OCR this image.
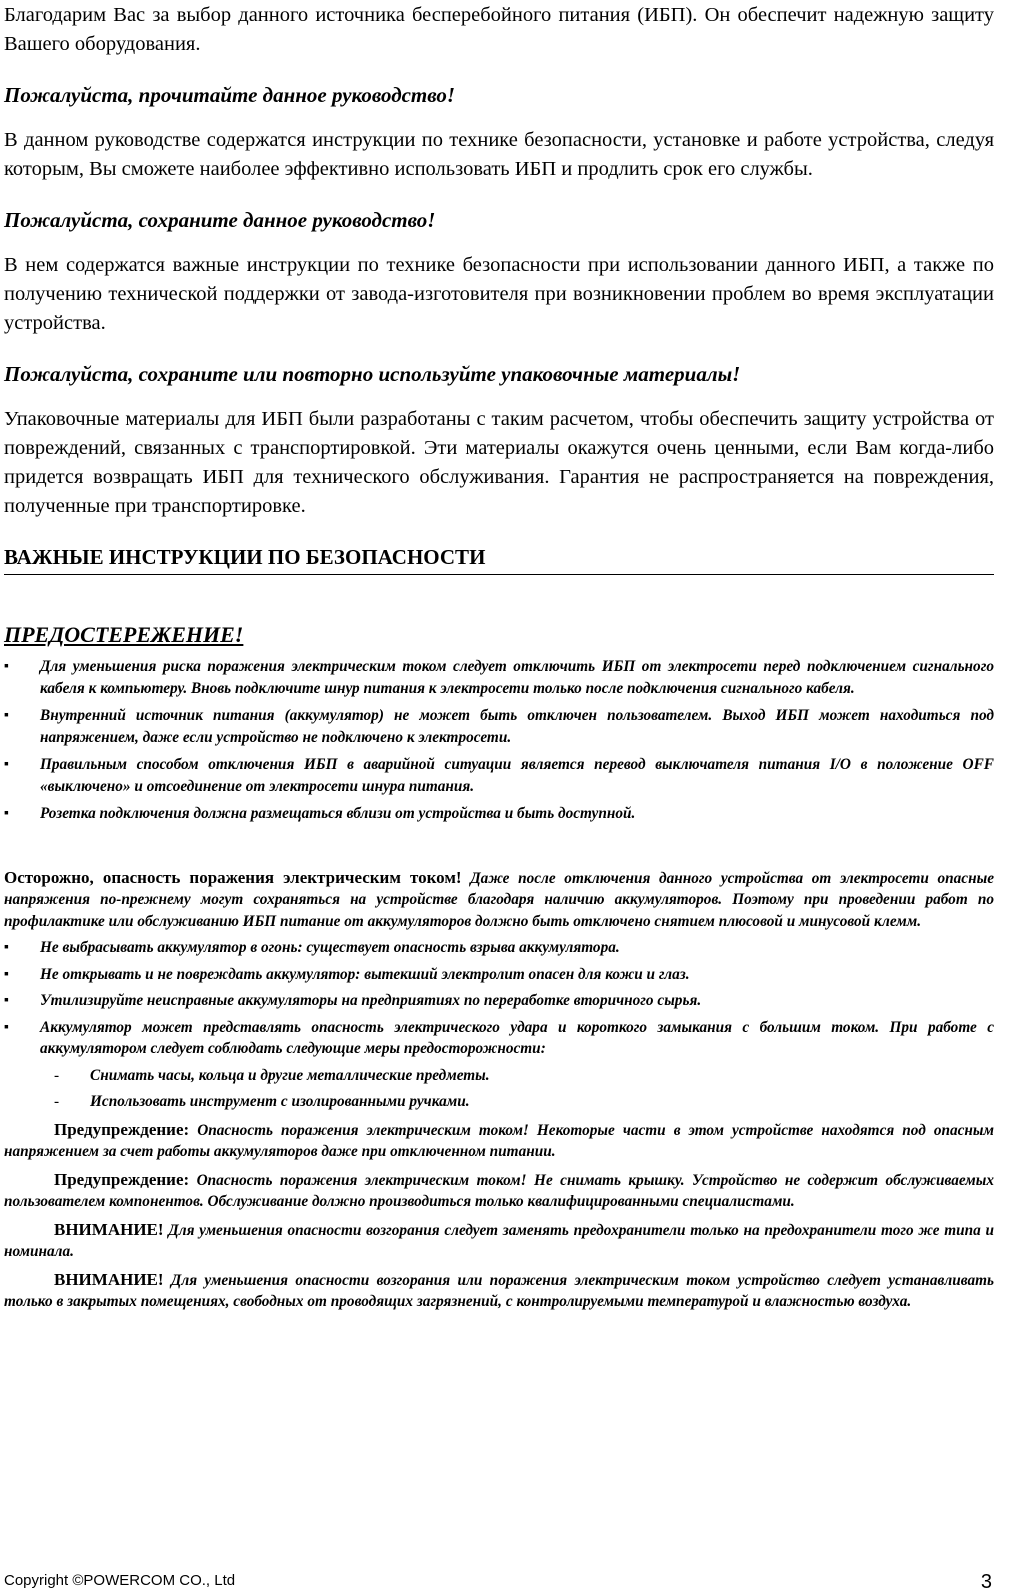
Благодарим Вас за выбор данного источника бесперебойного питания (ИБП). Он обеспечит надежную защиту Вашего оборудования.

Пожалуйста, прочитайте данное руководство!

В данном руководстве содержатся инструкции по технике безопасности, установке и работе устройства, следуя которым, Вы сможете наиболее эффективно использовать ИБП и продлить срок его службы.

Пожалуйста, сохраните данное руководство!

В нем содержатся важные инструкции по технике безопасности при использовании данного ИБП, а также по получению технической поддержки от завода-изготовителя при возникновении проблем во время эксплуатации устройства.

Пожалуйста, сохраните или повторно используйте упаковочные материалы!

Упаковочные материалы для ИБП были разработаны с таким расчетом, чтобы обеспечить защиту устройства от повреждений, связанных с транспортировкой. Эти материалы окажутся очень ценными, если Вам когда-либо придется возвращать ИБП для технического обслуживания. Гарантия не распространяется на повреждения, полученные при транспортировке.

ВАЖНЫЕ ИНСТРУКЦИИ ПО БЕЗОПАСНОСТИ

ПРЕДОСТЕРЕЖЕНИЕ!

▪ Для уменьшения риска поражения электрическим током следует отключить ИБП от электросети перед подключением сигнального кабеля к компьютеру. Вновь подключите шнур питания к электросети только после подключения сигнального кабеля.
▪ Внутренний источник питания (аккумулятор) не может быть отключен пользователем. Выход ИБП может находиться под напряжением, даже если устройство не подключено к электросети.
▪ Правильным способом отключения ИБП в аварийной ситуации является перевод выключателя питания I/O в положение OFF «выключено» и отсоединение от электросети шнура питания.
▪ Розетка подключения должна размещаться вблизи от устройства и быть доступной.

Осторожно, опасность поражения электрическим током! Даже после отключения данного устройства от электросети опасные напряжения по-прежнему могут сохраняться на устройстве благодаря наличию аккумуляторов. Поэтому при проведении работ по профилактике или обслуживанию ИБП питание от аккумуляторов должно быть отключено снятием плюсовой и минусовой клемм.

▪ Не выбрасывать аккумулятор в огонь: существует опасность взрыва аккумулятора.
▪ Не открывать и не повреждать аккумулятор: вытекший электролит опасен для кожи и глаз.
▪ Утилизируйте неисправные аккумуляторы на предприятиях по переработке вторичного сырья.
▪ Аккумулятор может представлять опасность электрического удара и короткого замыкания с большим током. При работе с аккумулятором следует соблюдать следующие меры предосторожности:
- Снимать часы, кольца и другие металлические предметы.
- Использовать инструмент с изолированными ручками.

Предупреждение: Опасность поражения электрическим током! Некоторые части в этом устройстве находятся под опасным напряжением за счет работы аккумуляторов даже при отключенном питании.

Предупреждение: Опасность поражения электрическим током! Не снимать крышку. Устройство не содержит обслуживаемых пользователем компонентов. Обслуживание должно производиться только квалифицированными специалистами.

ВНИМАНИЕ! Для уменьшения опасности возгорания следует заменять предохранители только на предохранители того же типа и номинала.

ВНИМАНИЕ! Для уменьшения опасности возгорания или поражения электрическим током устройство следует устанавливать только в закрытых помещениях, свободных от проводящих загрязнений, с контролируемыми температурой и влажностью воздуха.

Copyright ©POWERCOM CO., Ltd	3
